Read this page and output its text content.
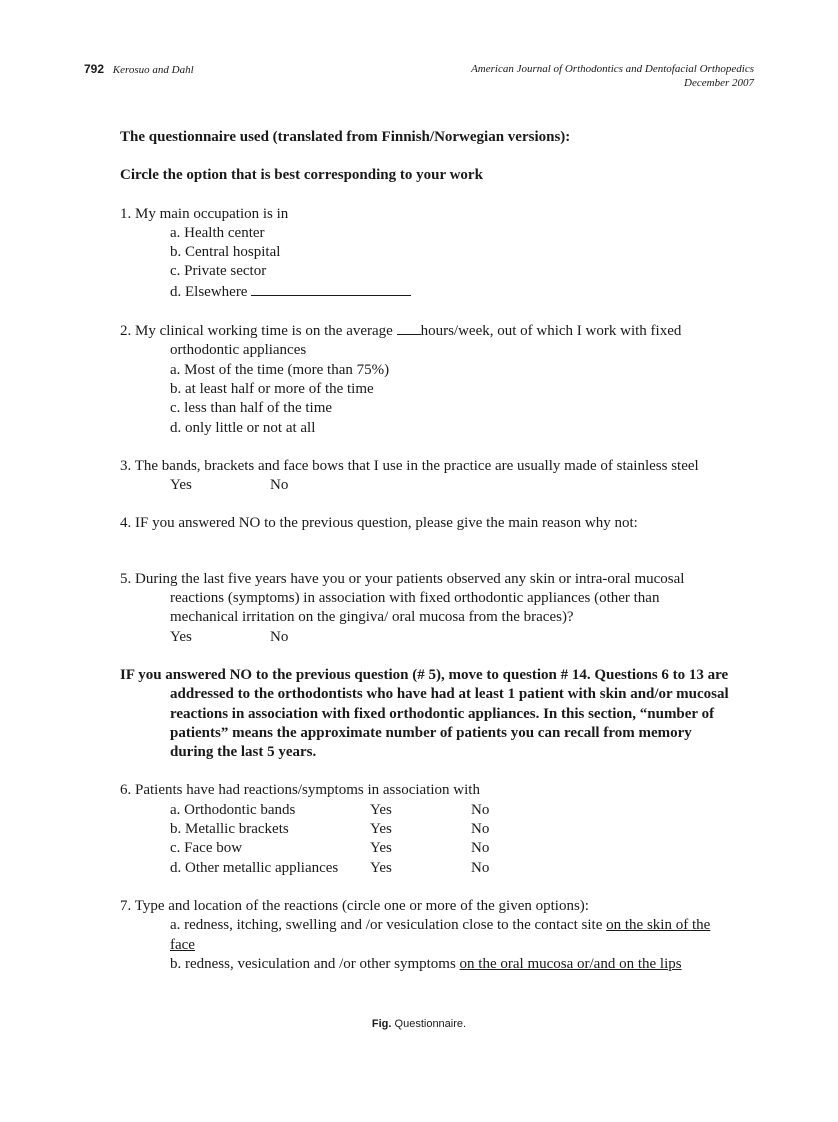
792 Kerosuo and Dahl	American Journal of Orthodontics and Dentofacial Orthopedics
December 2007

The questionnaire used (translated from Finnish/Norwegian versions):

Circle the option that is best corresponding to your work

1. My main occupation is in

a. Health center

b. Central hospital

c. Private sector

d. Elsewhere

2. My clinical working time is on the average hours/week, out of which I work with fixed orthodontic appliances

a. Most of the time (more than 75%)

b. at least half or more of the time

c. less than half of the time

d. only little or not at all

3. The bands, brackets and face bows that I use in the practice are usually made of stainless steel

Yes	No

4. IF you answered NO to the previous question, please give the main reason why not:

5. During the last five years have you or your patients observed any skin or intra-oral mucosal reactions (symptoms) in association with fixed orthodontic appliances (other than mechanical irritation on the gingiva/ oral mucosa from the braces)?

Yes	No

IF you answered NO to the previous question (# 5), move to question # 14. Questions 6 to 13 are addressed to the orthodontists who have had at least 1 patient with skin and/or mucosal reactions in association with fixed orthodontic appliances. In this section, “number of patients” means the approximate number of patients you can recall from memory during the last 5 years.

6. Patients have had reactions/symptoms in association with

a. Orthodontic bands	Yes	No
b. Metallic brackets	Yes	No
c. Face bow	Yes	No
d. Other metallic appliances	Yes	No

7. Type and location of the reactions (circle one or more of the given options):

a. redness, itching, swelling and /or vesiculation close to the contact site on the skin of the face

b. redness, vesiculation and /or other symptoms on the oral mucosa or/and on the lips

Fig. Questionnaire.
